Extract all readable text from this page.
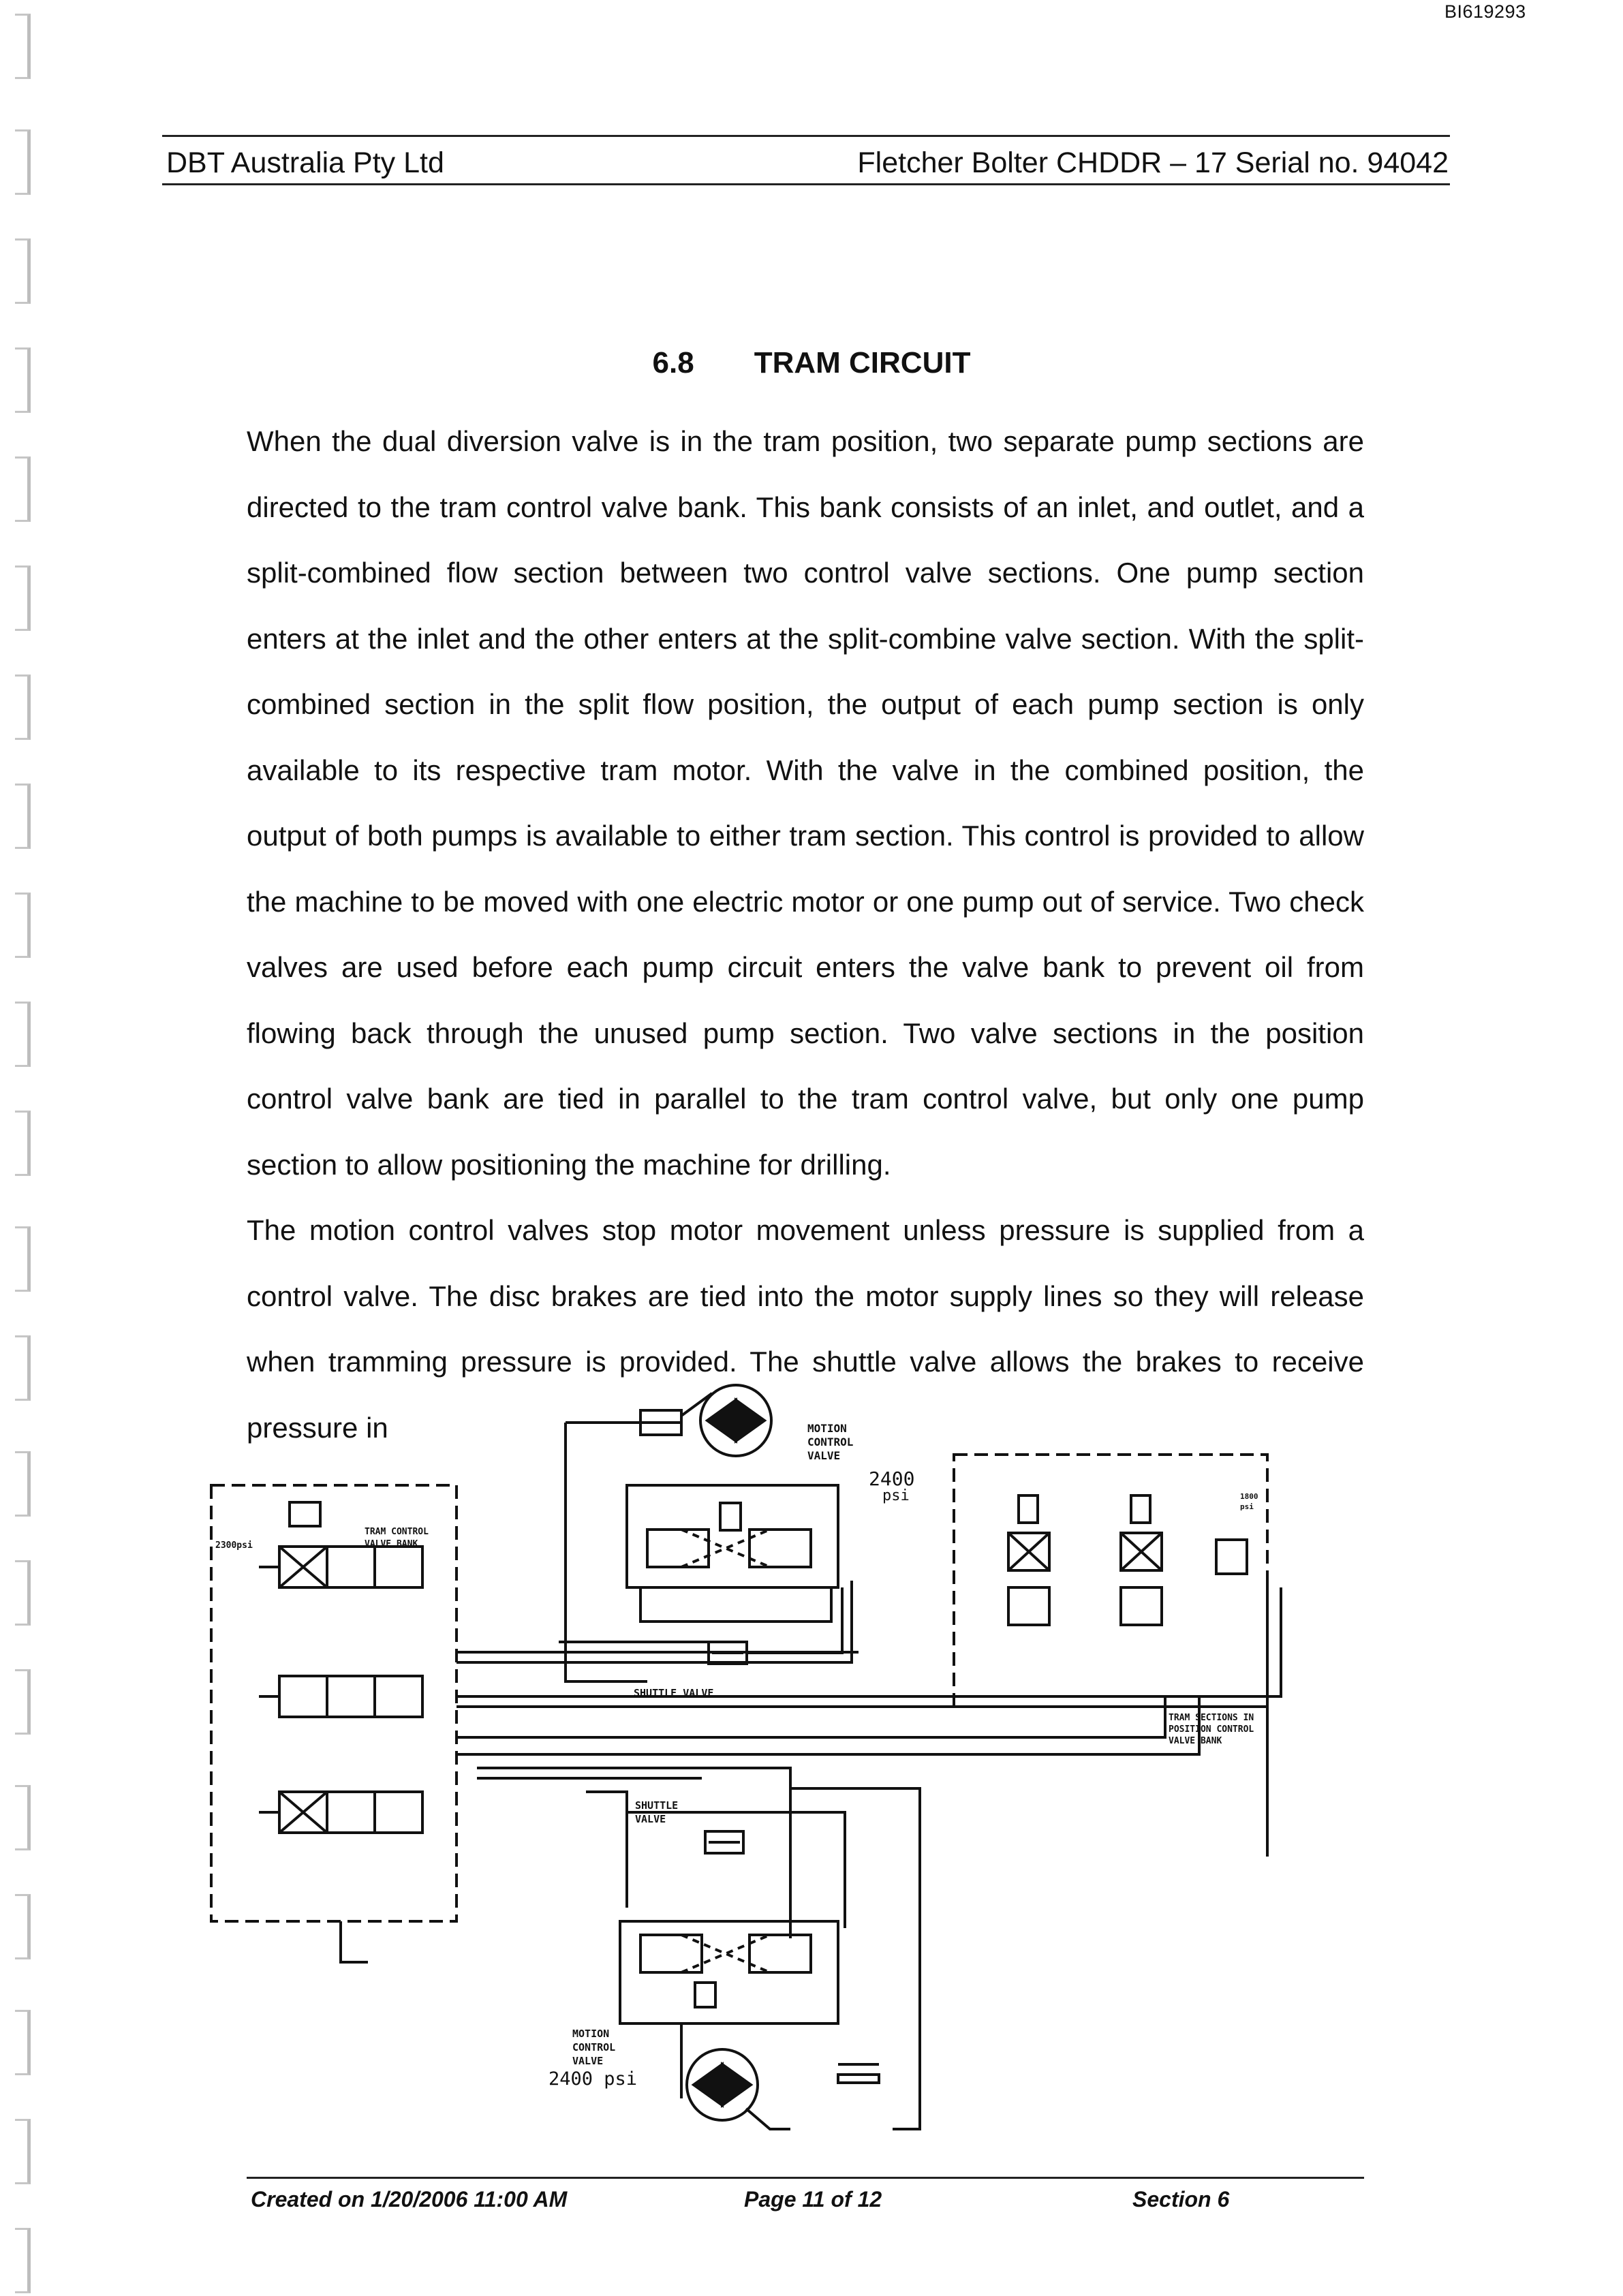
BI619293
DBT Australia Pty Ltd	Fletcher Bolter CHDDR – 17 Serial no. 94042
6.8 TRAM CIRCUIT

When the dual diversion valve is in the tram position, two separate pump sections are directed to the tram control valve bank. This bank consists of an inlet, and outlet, and a split-combined flow section between two control valve sections. One pump section enters at the inlet and the other enters at the split-combine valve section. With the split-combined section in the split flow position, the output of each pump section is only available to its respective tram motor. With the valve in the combined position, the output of both pumps is available to either tram section. This control is provided to allow the machine to be moved with one electric motor or one pump out of service. Two check valves are used before each pump circuit enters the valve bank to prevent oil from flowing back through the unused pump section. Two valve sections in the position control valve bank are tied in parallel to the tram control valve, but only one pump section to allow positioning the machine for drilling.

The motion control valves stop motor movement unless pressure is supplied from a control valve. The disc brakes are tied into the motor supply lines so they will release when tramming pressure is provided. The shuttle valve allows the brakes to receive pressure in	MOTION
CONTROL
VALVE
2400
psi
TRAM CONTROL
VALVE BANK
2300psi
SHUTTLE VALVE
SHUTTLE
VALVE
TRAM SECTIONS IN
POSITION CONTROL
VALVE BANK
1800
psi
MOTION
CONTROL
VALVE
2400 psi
Created on 1/20/2006 11:00 AM	Page 11 of 12	Section 6
